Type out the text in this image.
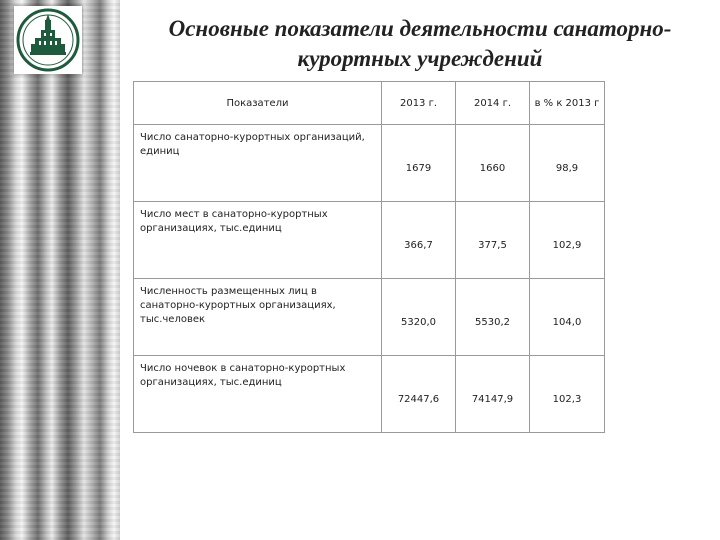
Основные показатели деятельности санаторно-курортных учреждений
Показатели	2013 г.	2014 г.	в % к 2013 г
Число санаторно-курортных организаций, единиц	1679	1660	98,9
Число мест в санаторно-курортных организациях, тыс.единиц	366,7	377,5	102,9
Численность размещенных лиц в санаторно-курортных организациях, тыс.человек	5320,0	5530,2	104,0
Число ночевок в санаторно-курортных организациях, тыс.единиц	72447,6	74147,9	102,3
